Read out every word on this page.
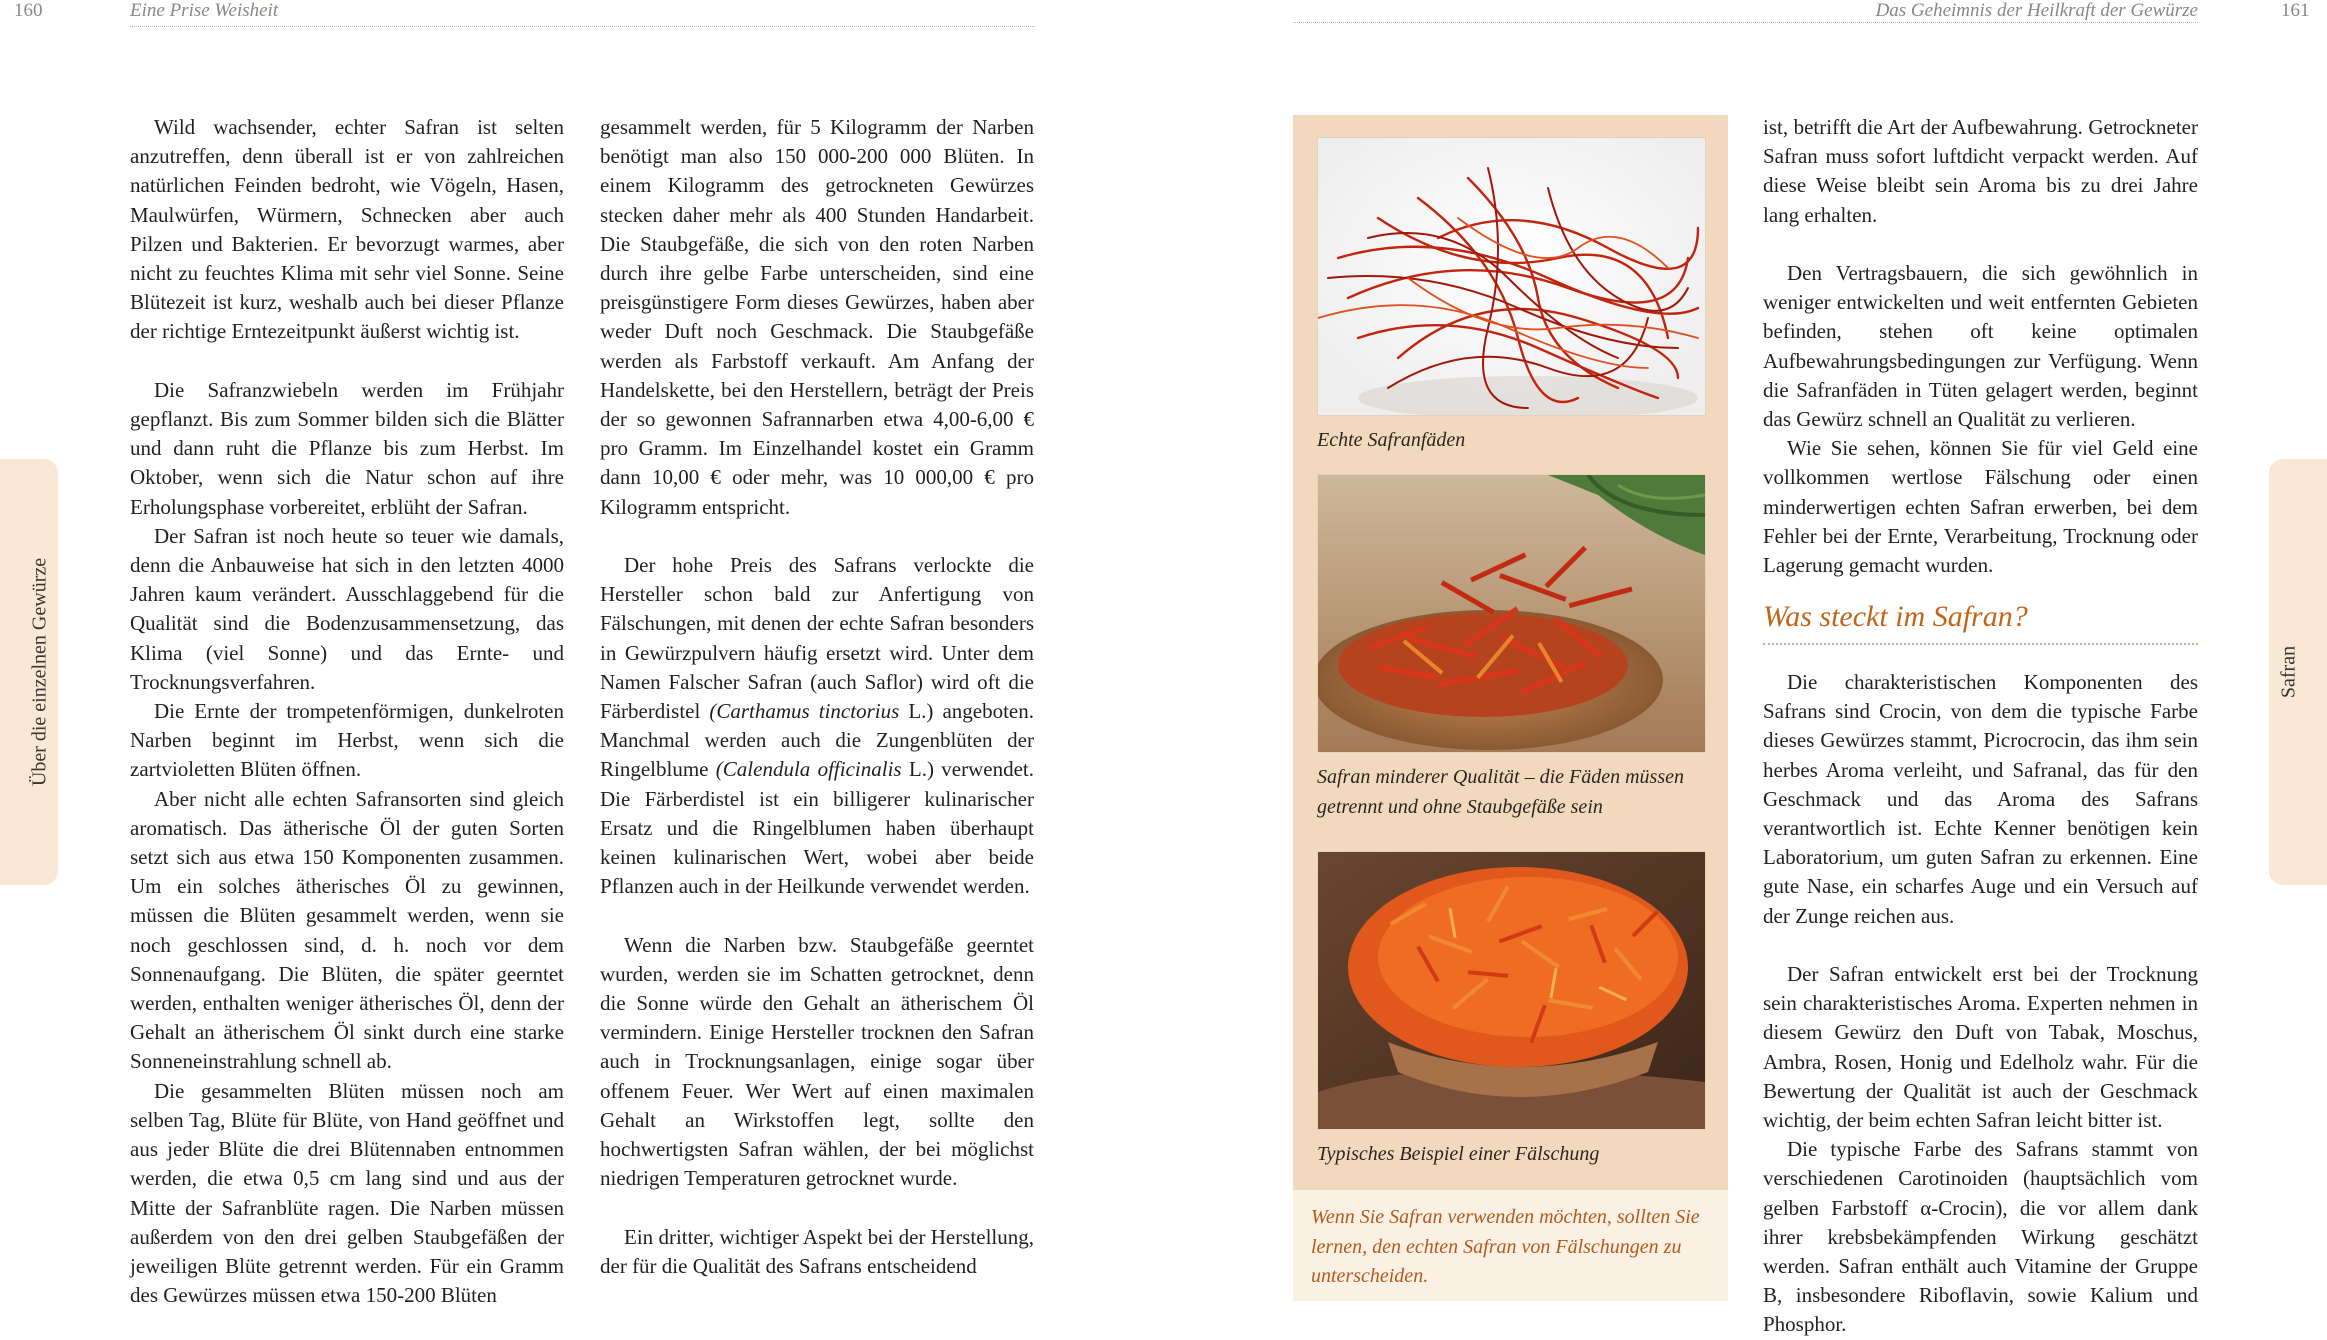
160	Eine Prise Weisheit	Das Geheimnis der Heilkraft der Gewürze	161
Über die einzelnen Gewürze	Safran

Wild wachsender, echter Safran ist selten anzutreffen, denn überall ist er von zahlreichen natürlichen Feinden bedroht, wie Vögeln, Hasen, Maulwürfen, Würmern, Schnecken aber auch Pilzen und Bakterien. Er bevorzugt warmes, aber nicht zu feuchtes Klima mit sehr viel Sonne. Seine Blütezeit ist kurz, weshalb auch bei dieser Pflanze der richtige Erntezeitpunkt äußerst wichtig ist.

Die Safranzwiebeln werden im Frühjahr gepflanzt. Bis zum Sommer bilden sich die Blätter und dann ruht die Pflanze bis zum Herbst. Im Oktober, wenn sich die Natur schon auf ihre Erholungsphase vorbereitet, erblüht der Safran.

Der Safran ist noch heute so teuer wie damals, denn die Anbauweise hat sich in den letzten 4000 Jahren kaum verändert. Ausschlaggebend für die Qualität sind die Bodenzusammensetzung, das Klima (viel Sonne) und das Ernte- und Trocknungsverfahren.

Die Ernte der trompetenförmigen, dunkelroten Narben beginnt im Herbst, wenn sich die zartvioletten Blüten öffnen.

Aber nicht alle echten Safransorten sind gleich aromatisch. Das ätherische Öl der guten Sorten setzt sich aus etwa 150 Komponenten zusammen. Um ein solches ätherisches Öl zu gewinnen, müssen die Blüten gesammelt werden, wenn sie noch geschlossen sind, d. h. noch vor dem Sonnenaufgang. Die Blüten, die später geerntet werden, enthalten weniger ätherisches Öl, denn der Gehalt an ätherischem Öl sinkt durch eine starke Sonneneinstrahlung schnell ab.

Die gesammelten Blüten müssen noch am selben Tag, Blüte für Blüte, von Hand geöffnet und aus jeder Blüte die drei Blütennaben entnommen werden, die etwa 0,5 cm lang sind und aus der Mitte der Safranblüte ragen. Die Narben müssen außerdem von den drei gelben Staubgefäßen der jeweiligen Blüte getrennt werden. Für ein Gramm des Gewürzes müssen etwa 150-200 Blüten

gesammelt werden, für 5 Kilogramm der Narben benötigt man also 150 000-200 000 Blüten. In einem Kilogramm des getrockneten Gewürzes stecken daher mehr als 400 Stunden Handarbeit. Die Staubgefäße, die sich von den roten Narben durch ihre gelbe Farbe unterscheiden, sind eine preisgünstigere Form dieses Gewürzes, haben aber weder Duft noch Geschmack. Die Staubgefäße werden als Farbstoff verkauft. Am Anfang der Handelskette, bei den Herstellern, beträgt der Preis der so gewonnen Safrannarben etwa 4,00-6,00 € pro Gramm. Im Einzelhandel kostet ein Gramm dann 10,00 € oder mehr, was 10 000,00 € pro Kilogramm entspricht.

Der hohe Preis des Safrans verlockte die Hersteller schon bald zur Anfertigung von Fälschungen, mit denen der echte Safran besonders in Gewürzpulvern häufig ersetzt wird. Unter dem Namen Falscher Safran (auch Saflor) wird oft die Färberdistel (Carthamus tinctorius L.) angeboten. Manchmal werden auch die Zungenblüten der Ringelblume (Calendula officinalis L.) verwendet. Die Färberdistel ist ein billigerer kulinarischer Ersatz und die Ringelblumen haben überhaupt keinen kulinarischen Wert, wobei aber beide Pflanzen auch in der Heilkunde verwendet werden.

Wenn die Narben bzw. Staubgefäße geerntet wurden, werden sie im Schatten getrocknet, denn die Sonne würde den Gehalt an ätherischem Öl vermindern. Einige Hersteller trocknen den Safran auch in Trocknungsanlagen, einige sogar über offenem Feuer. Wer Wert auf einen maximalen Gehalt an Wirkstoffen legt, sollte den hochwertigsten Safran wählen, der bei möglichst niedrigen Temperaturen getrocknet wurde.

Ein dritter, wichtiger Aspekt bei der Herstellung, der für die Qualität des Safrans entscheidend

Echte Safranfäden
Safran minderer Qualität – die Fäden müssen getrennt und ohne Staubgefäße sein
Typisches Beispiel einer Fälschung
Wenn Sie Safran verwenden möchten, sollten Sie lernen, den echten Safran von Fälschungen zu unterscheiden.

ist, betrifft die Art der Aufbewahrung. Getrockneter Safran muss sofort luftdicht verpackt werden. Auf diese Weise bleibt sein Aroma bis zu drei Jahre lang erhalten.

Den Vertragsbauern, die sich gewöhnlich in weniger entwickelten und weit entfernten Gebieten befinden, stehen oft keine optimalen Aufbewahrungsbedingungen zur Verfügung. Wenn die Safranfäden in Tüten gelagert werden, beginnt das Gewürz schnell an Qualität zu verlieren.

Wie Sie sehen, können Sie für viel Geld eine vollkommen wertlose Fälschung oder einen minderwertigen echten Safran erwerben, bei dem Fehler bei der Ernte, Verarbeitung, Trocknung oder Lagerung gemacht wurden.

Was steckt im Safran?

Die charakteristischen Komponenten des Safrans sind Crocin, von dem die typische Farbe dieses Gewürzes stammt, Picrocrocin, das ihm sein herbes Aroma verleiht, und Safranal, das für den Geschmack und das Aroma des Safrans verantwortlich ist. Echte Kenner benötigen kein Laboratorium, um guten Safran zu erkennen. Eine gute Nase, ein scharfes Auge und ein Versuch auf der Zunge reichen aus.

Der Safran entwickelt erst bei der Trocknung sein charakteristisches Aroma. Experten nehmen in diesem Gewürz den Duft von Tabak, Moschus, Ambra, Rosen, Honig und Edelholz wahr. Für die Bewertung der Qualität ist auch der Geschmack wichtig, der beim echten Safran leicht bitter ist.

Die typische Farbe des Safrans stammt von verschiedenen Carotinoiden (hauptsächlich vom gelben Farbstoff α-Crocin), die vor allem dank ihrer krebsbekämpfenden Wirkung geschätzt werden. Safran enthält auch Vitamine der Gruppe B, insbesondere Riboflavin, sowie Kalium und Phosphor.
